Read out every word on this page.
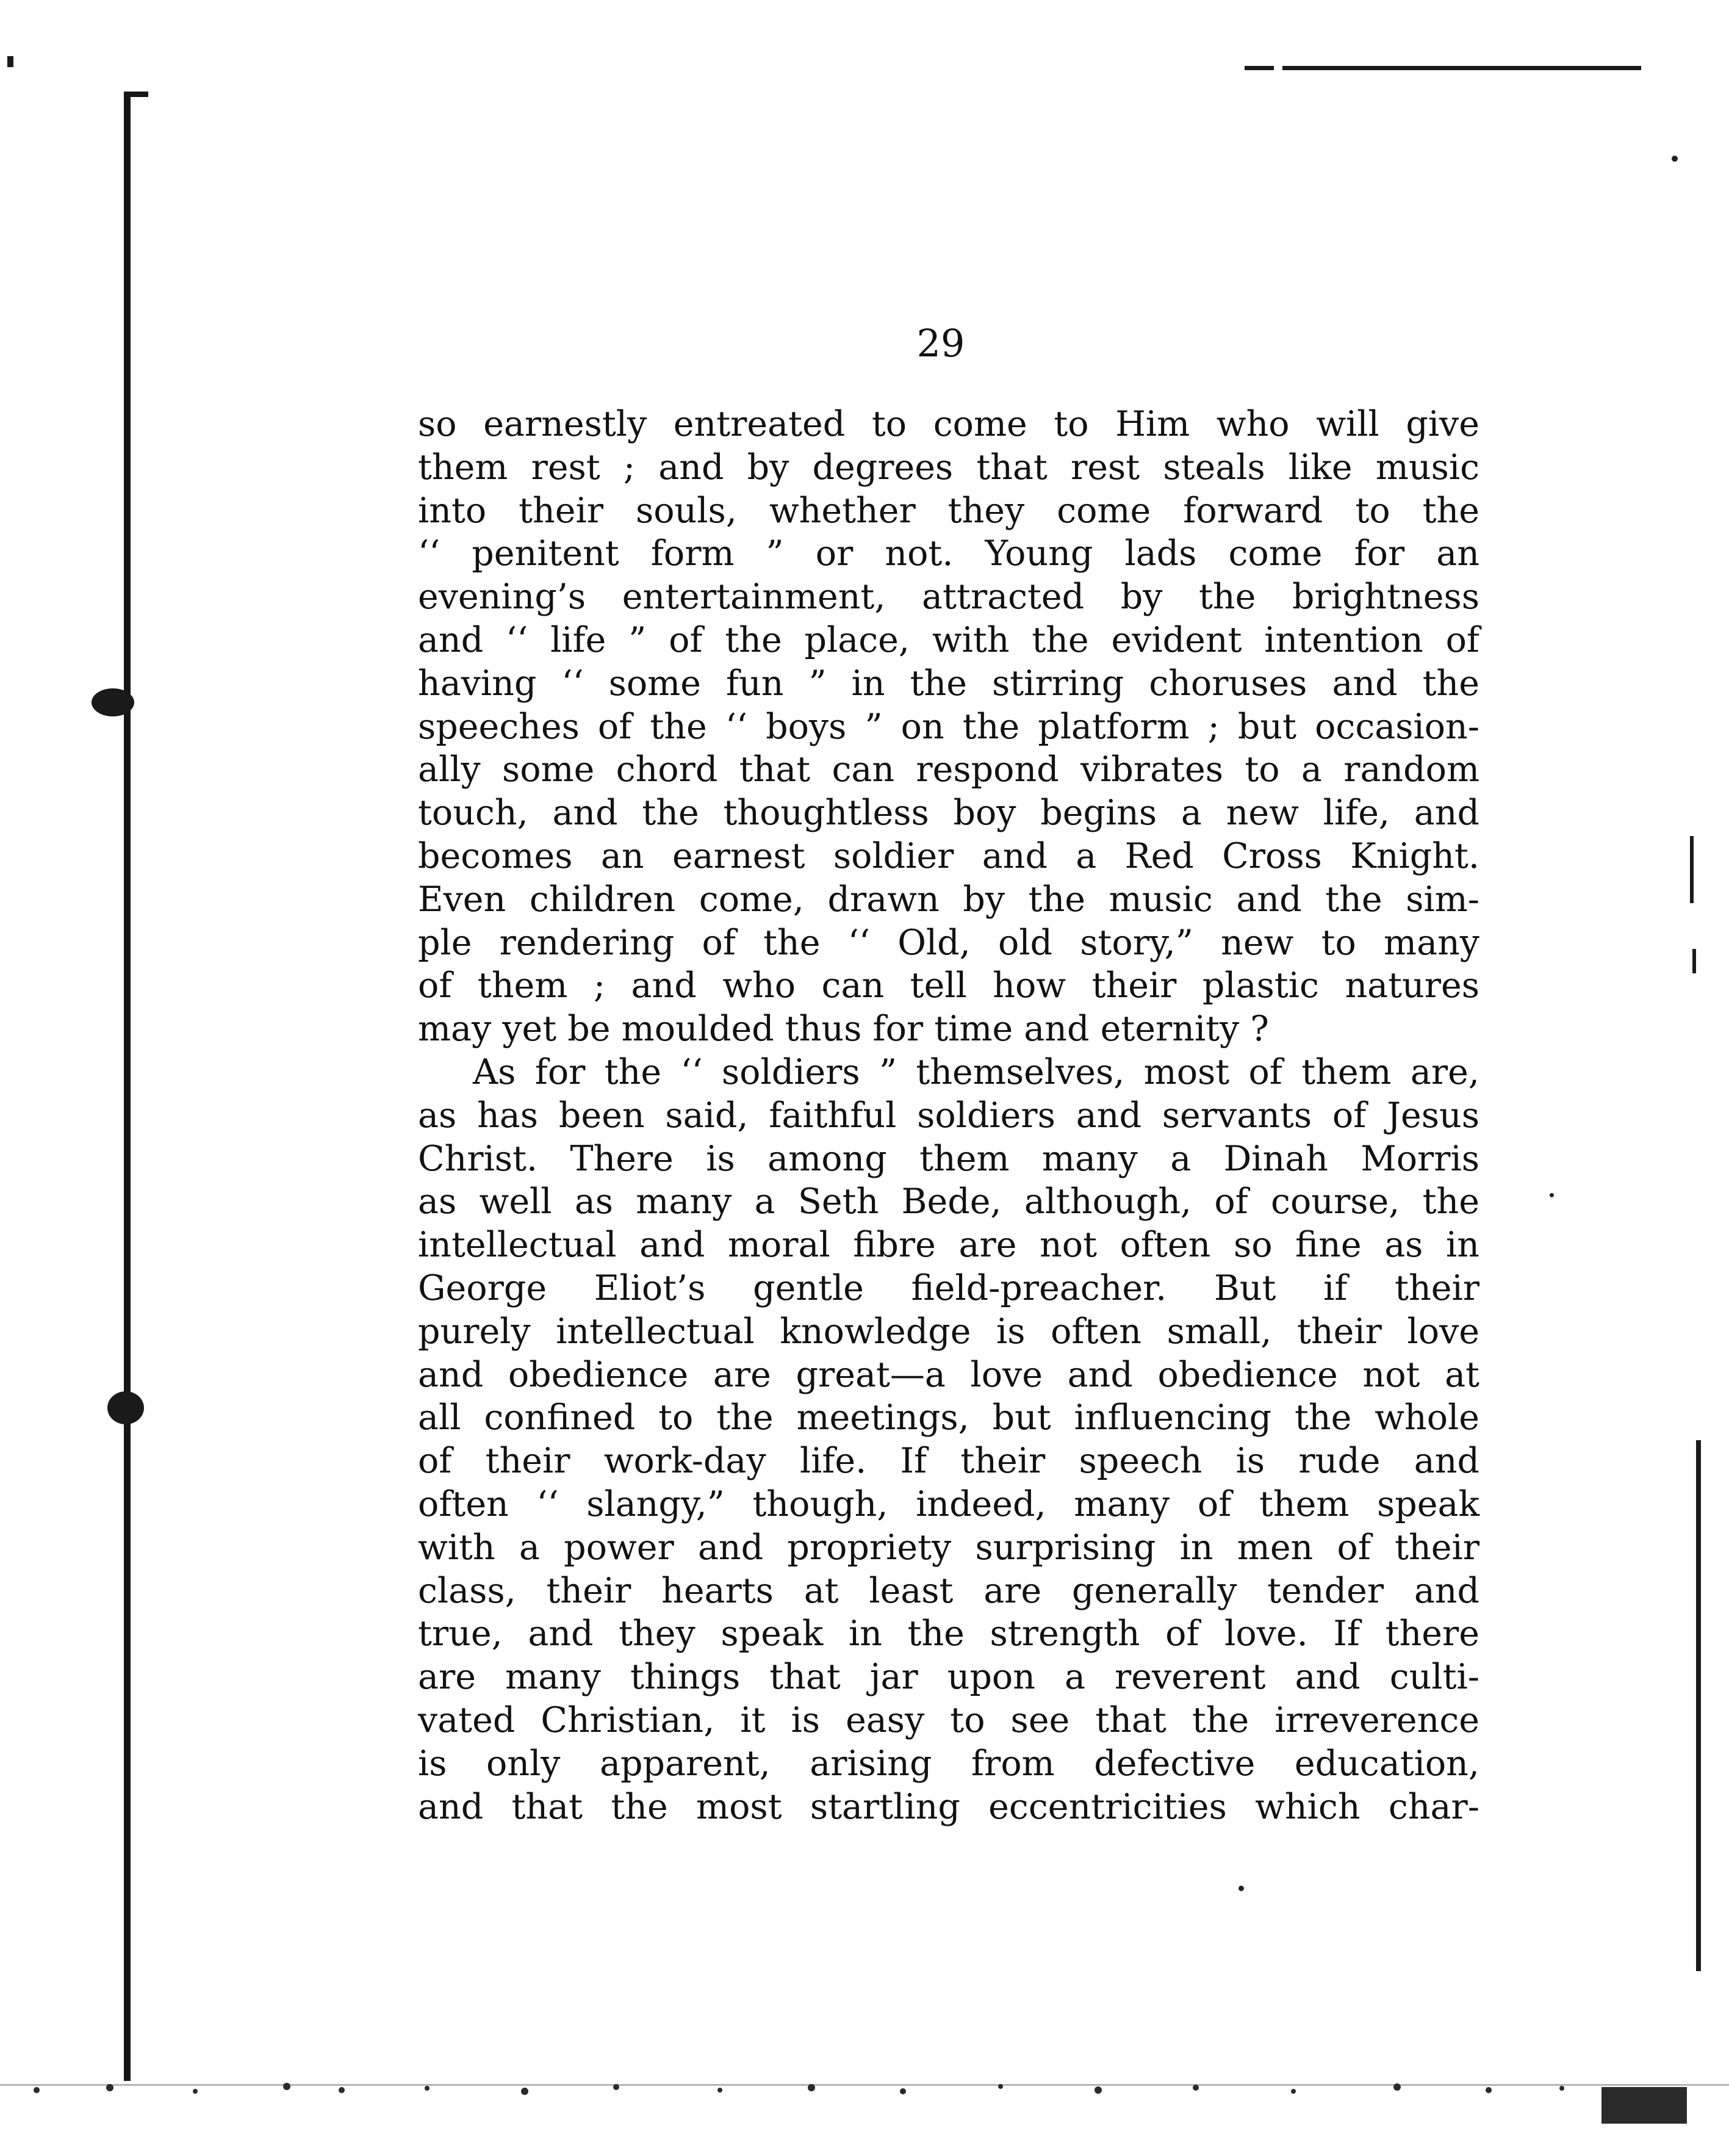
29
so earnestly entreated to come to Him who will give
them rest ; and by degrees that rest steals like music
into their souls, whether they come forward to the
‘‘ penitent form ” or not. Young lads come for an
evening’s entertainment, attracted by the brightness
and ‘‘ life ” of the place, with the evident intention of
having ‘‘ some fun ” in the stirring choruses and the
speeches of the ‘‘ boys ” on the platform ; but occasion-
ally some chord that can respond vibrates to a random
touch, and the thoughtless boy begins a new life, and
becomes an earnest soldier and a Red Cross Knight.
Even children come, drawn by the music and the sim-
ple rendering of the ‘‘ Old, old story,” new to many
of them ; and who can tell how their plastic natures
may yet be moulded thus for time and eternity ?
As for the ‘‘ soldiers ” themselves, most of them are,
as has been said, faithful soldiers and servants of Jesus
Christ. There is among them many a Dinah Morris
as well as many a Seth Bede, although, of course, the
intellectual and moral fibre are not often so fine as in
George Eliot’s gentle field-preacher. But if their
purely intellectual knowledge is often small, their love
and obedience are great—a love and obedience not at
all confined to the meetings, but influencing the whole
of their work-day life. If their speech is rude and
often ‘‘ slangy,” though, indeed, many of them speak
with a power and propriety surprising in men of their
class, their hearts at least are generally tender and
true, and they speak in the strength of love. If there
are many things that jar upon a reverent and culti-
vated Christian, it is easy to see that the irreverence
is only apparent, arising from defective education,
and that the most startling eccentricities which char-
